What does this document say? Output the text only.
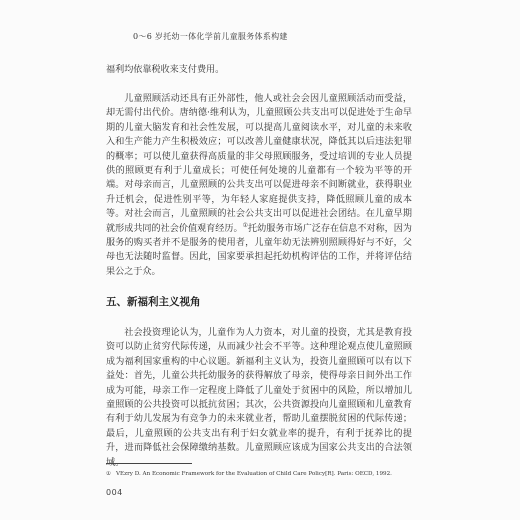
0～6 岁托幼一体化学前儿童服务体系构建

福利均依靠税收来支付费用。

儿童照顾活动还具有正外部性，他人或社会会因儿童照顾活动而受益，却无需付出代价。唐纳德·维利认为，儿童照顾公共支出可以促进处于生命早期的儿童大脑发育和社会性发展，可以提高儿童阅读水平，对儿童的未来收入和生产能力产生积极效应；可以改善儿童健康状况，降低其以后违法犯罪的概率；可以使儿童获得高质量的非父母照顾服务，受过培训的专业人员提供的照顾更有利于儿童成长；可使任何处境的儿童都有一个较为平等的开端。对母亲而言，儿童照顾的公共支出可以促进母亲不间断就业，获得职业升迁机会，促进性别平等，为年轻人家庭提供支持，降低照顾儿童的成本等。对社会而言，儿童照顾的社会公共支出可以促进社会团结。在儿童早期就形成共同的社会价值观育经历。①托幼服务市场广泛存在信息不对称，因为服务的购买者并不是服务的使用者，儿童年幼无法辨别照顾得好与不好，父母也无法随时监督。因此，国家要承担起托幼机构评估的工作，并将评估结果公之于众。

五、新福利主义视角

社会投资理论认为，儿童作为人力资本，对儿童的投资，尤其是教育投资可以防止贫穷代际传递，从而减少社会不平等。这种理论观点使儿童照顾成为福利国家重构的中心议题。新福利主义认为，投资儿童照顾可以有以下益处：首先，儿童公共托幼服务的获得解放了母亲，使得母亲日间外出工作成为可能，母亲工作一定程度上降低了儿童处于贫困中的风险，所以增加儿童照顾的公共投资可以抵抗贫困；其次，公共资源投向儿童照顾和儿童教育有利于幼儿发展为有竞争力的未来就业者，帮助儿童摆脱贫困的代际传递；最后，儿童照顾的公共支出有利于妇女就业率的提升，有利于抚养比的提升，进而降低社会保障缴纳基数。儿童照顾应该成为国家公共支出的合法领

① VEzry D. An Economic Framework for the Evaluation of Child Care Policy[R]. Paris: OECD, 1992.
004
